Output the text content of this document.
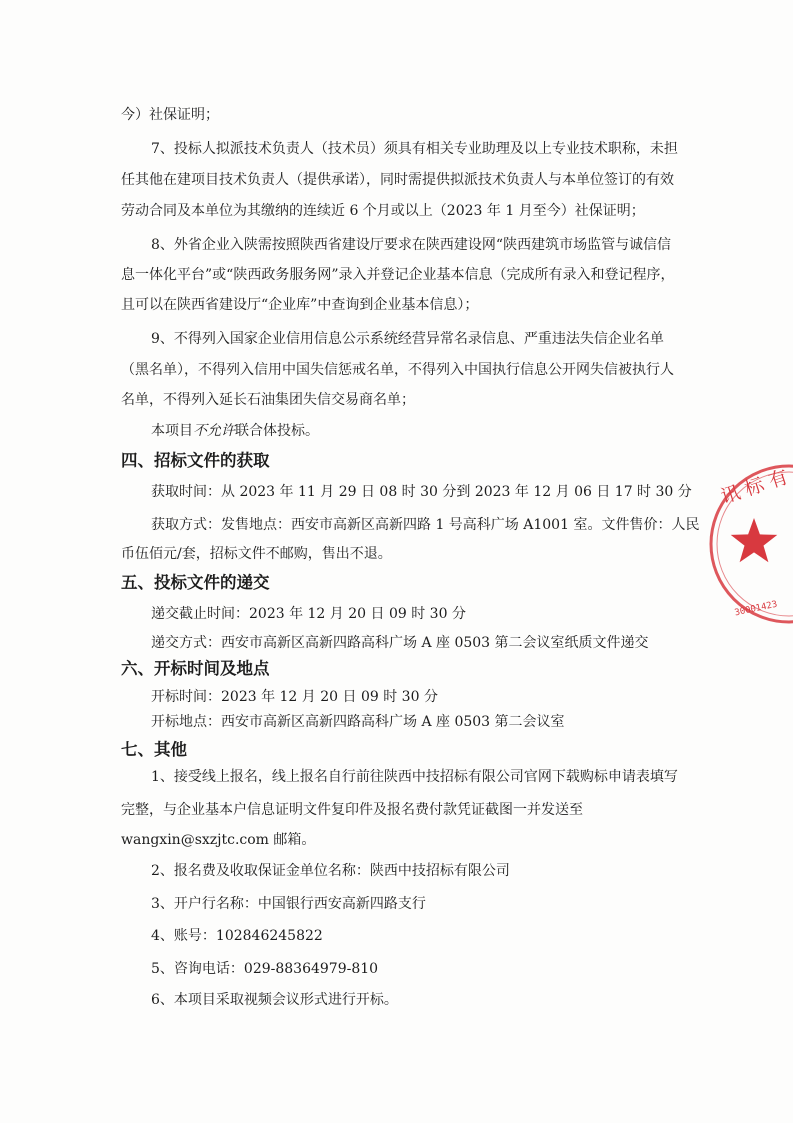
今）社保证明；
7、投标人拟派技术负责人（技术员）须具有相关专业助理及以上专业技术职称，未担
任其他在建项目技术负责人（提供承诺），同时需提供拟派技术负责人与本单位签订的有效
劳动合同及本单位为其缴纳的连续近 6 个月或以上（2023 年 1 月至今）社保证明；
8、外省企业入陕需按照陕西省建设厅要求在陕西建设网“陕西建筑市场监管与诚信信
息一体化平台”或“陕西政务服务网”录入并登记企业基本信息（完成所有录入和登记程序，
且可以在陕西省建设厅“企业库”中查询到企业基本信息）；
9、不得列入国家企业信用信息公示系统经营异常名录信息、严重违法失信企业名单
（黑名单），不得列入信用中国失信惩戒名单，不得列入中国执行信息公开网失信被执行人
名单，不得列入延长石油集团失信交易商名单；
本项目不允许联合体投标。
四、招标文件的获取
获取时间：从 2023 年 11 月 29 日 08 时 30 分到 2023 年 12 月 06 日 17 时 30 分
获取方式：发售地点：西安市高新区高新四路 1 号高科广场 A1001 室。文件售价：人民
币伍佰元/套，招标文件不邮购，售出不退。
五、投标文件的递交
递交截止时间：2023 年 12 月 20 日 09 时 30 分
递交方式：西安市高新区高新四路高科广场 A 座 0503 第二会议室纸质文件递交
六、开标时间及地点
开标时间：2023 年 12 月 20 日 09 时 30 分
开标地点：西安市高新区高新四路高科广场 A 座 0503 第二会议室
七、其他
1、接受线上报名，线上报名自行前往陕西中技招标有限公司官网下载购标申请表填写
完整，与企业基本户信息证明文件复印件及报名费付款凭证截图一并发送至
wangxin@sxzjtc.com 邮箱。
2、报名费及收取保证金单位名称：陕西中技招标有限公司
3、开户行名称：中国银行西安高新四路支行
4、账号：102846245822
5、咨询电话：029-88364979-810
6、本项目采取视频会议形式进行开标。
讯 标 有
30001423
